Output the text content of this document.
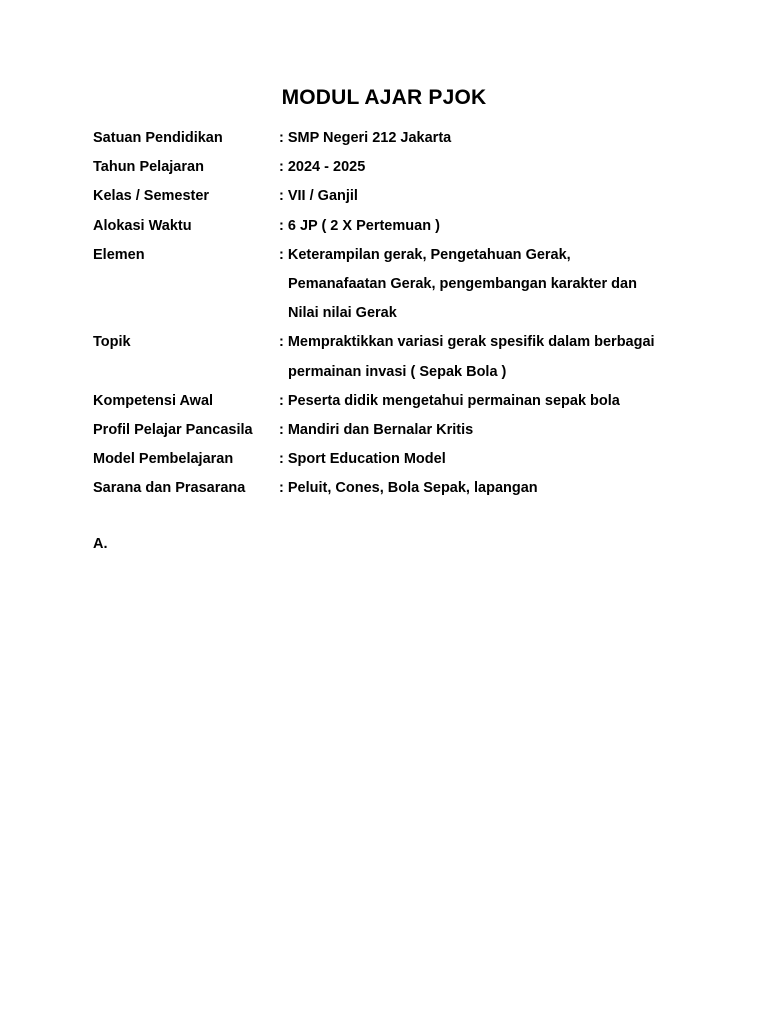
MODUL AJAR PJOK
Satuan Pendidikan	: SMP Negeri 212 Jakarta
Tahun Pelajaran	: 2024 - 2025
Kelas / Semester	: VII / Ganjil
Alokasi Waktu	: 6 JP ( 2 X Pertemuan )
Elemen	: Keterampilan gerak, Pengetahuan Gerak,
Pemanafaatan Gerak, pengembangan karakter dan
Nilai nilai Gerak
Topik	: Mempraktikkan variasi gerak spesifik dalam berbagai
permainan invasi ( Sepak Bola )
Kompetensi Awal	: Peserta didik mengetahui permainan sepak bola
Profil Pelajar Pancasila	: Mandiri dan Bernalar Kritis
Model Pembelajaran	: Sport Education Model
Sarana dan Prasarana	: Peluit, Cones, Bola Sepak, lapangan
A.
